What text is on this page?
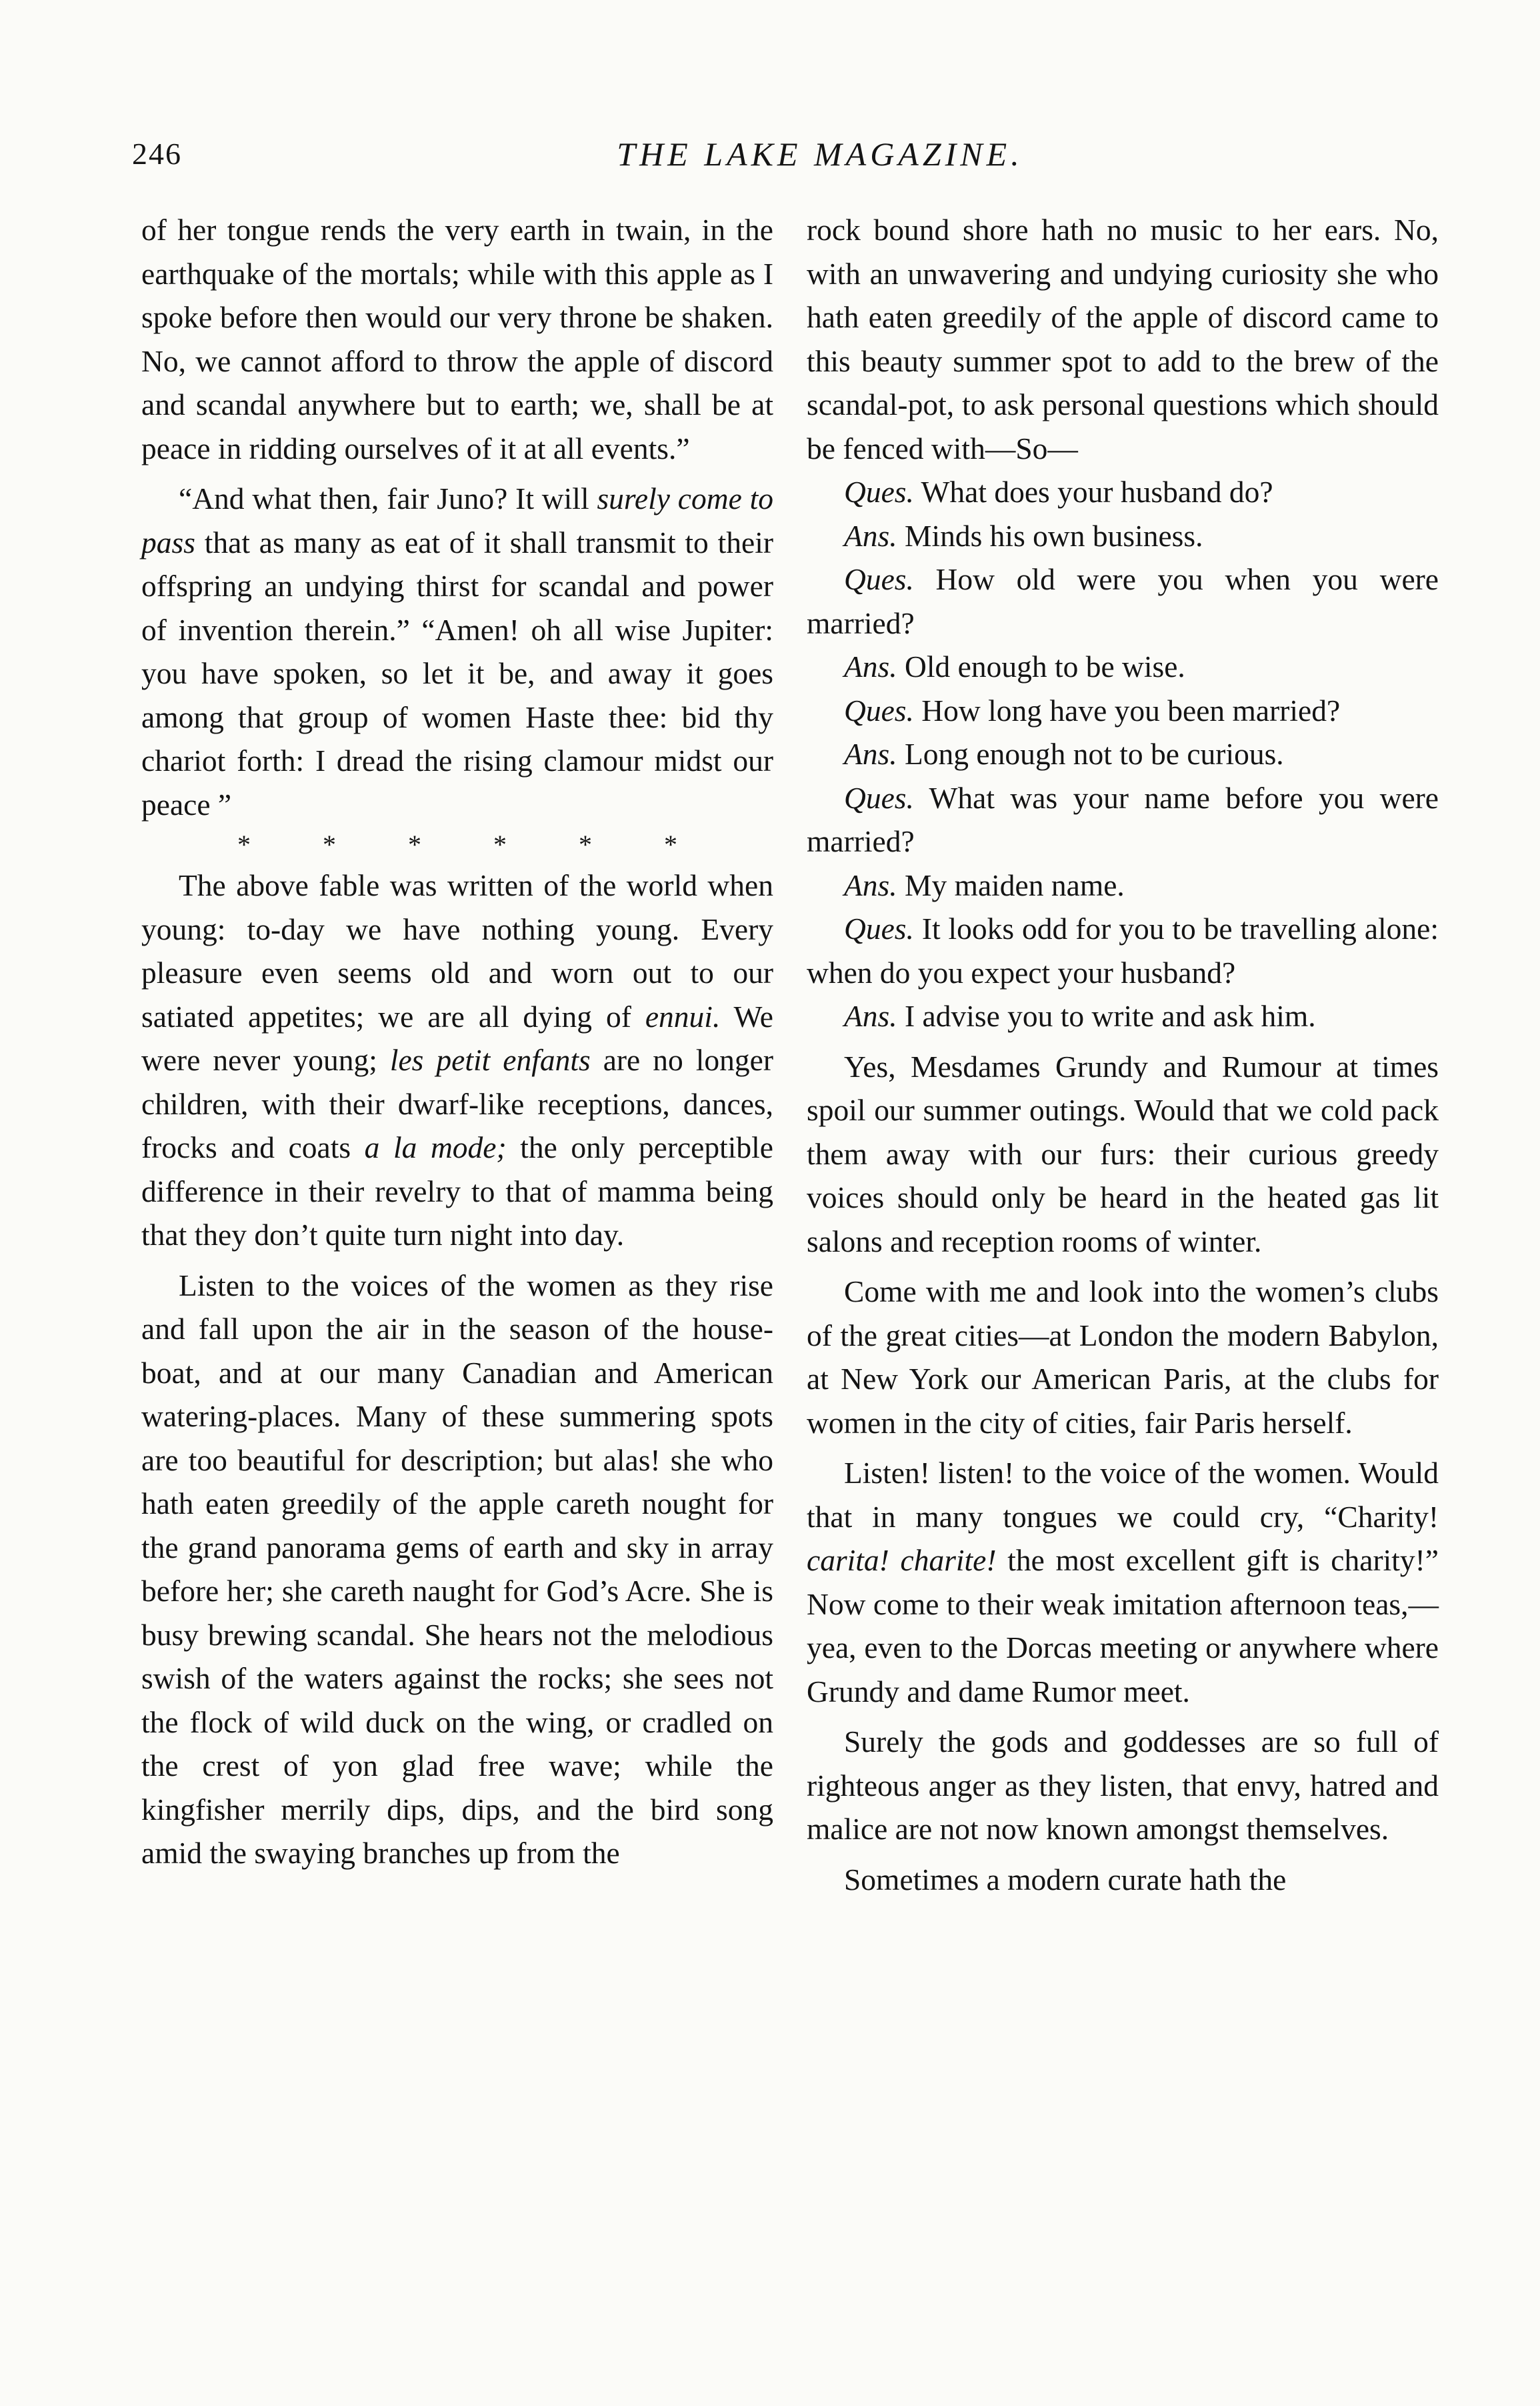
246	THE LAKE MAGAZINE.

of her tongue rends the very earth in twain, in the earthquake of the mortals; while with this apple as I spoke before then would our very throne be shaken. No, we cannot afford to throw the apple of discord and scandal anywhere but to earth; we, shall be at peace in ridding ourselves of it at all events.”

“And what then, fair Juno? It will surely come to pass that as many as eat of it shall transmit to their offspring an undying thirst for scandal and power of invention therein.” “Amen! oh all wise Jupiter: you have spoken, so let it be, and away it goes among that group of women Haste thee: bid thy chariot forth: I dread the rising clamour midst our peace ”

*	*	*	*	*	*

The above fable was written of the world when young: to-day we have nothing young. Every pleasure even seems old and worn out to our satiated appetites; we are all dying of ennui. We were never young; les petit enfants are no longer children, with their dwarf-like receptions, dances, frocks and coats a la mode; the only perceptible difference in their revelry to that of mamma being that they don’t quite turn night into day.

Listen to the voices of the women as they rise and fall upon the air in the season of the house-boat, and at our many Canadian and American watering-places. Many of these summering spots are too beautiful for description; but alas! she who hath eaten greedily of the apple careth nought for the grand panorama gems of earth and sky in array before her; she careth naught for God’s Acre. She is busy brewing scandal. She hears not the melodious swish of the waters against the rocks; she sees not the flock of wild duck on the wing, or cradled on the crest of yon glad free wave; while the kingfisher merrily dips, dips, and the bird song amid the swaying branches up from the

rock bound shore hath no music to her ears. No, with an unwavering and undying curiosity she who hath eaten greedily of the apple of discord came to this beauty summer spot to add to the brew of the scandal-pot, to ask personal questions which should be fenced with—So—

Ques. What does your husband do?

Ans. Minds his own business.

Ques. How old were you when you were married?

Ans. Old enough to be wise.

Ques. How long have you been married?

Ans. Long enough not to be curious.

Ques. What was your name before you were married?

Ans. My maiden name.

Ques. It looks odd for you to be travelling alone: when do you expect your husband?

Ans. I advise you to write and ask him.

Yes, Mesdames Grundy and Rumour at times spoil our summer outings. Would that we cold pack them away with our furs: their curious greedy voices should only be heard in the heated gas lit salons and reception rooms of winter.

Come with me and look into the women’s clubs of the great cities—at London the modern Babylon, at New York our American Paris, at the clubs for women in the city of cities, fair Paris herself.

Listen! listen! to the voice of the women. Would that in many tongues we could cry, “Charity! carita! charite! the most excellent gift is charity!” Now come to their weak imitation afternoon teas,—yea, even to the Dorcas meeting or anywhere where Grundy and dame Rumor meet.

Surely the gods and goddesses are so full of righteous anger as they listen, that envy, hatred and malice are not now known amongst themselves.

Sometimes a modern curate hath the
